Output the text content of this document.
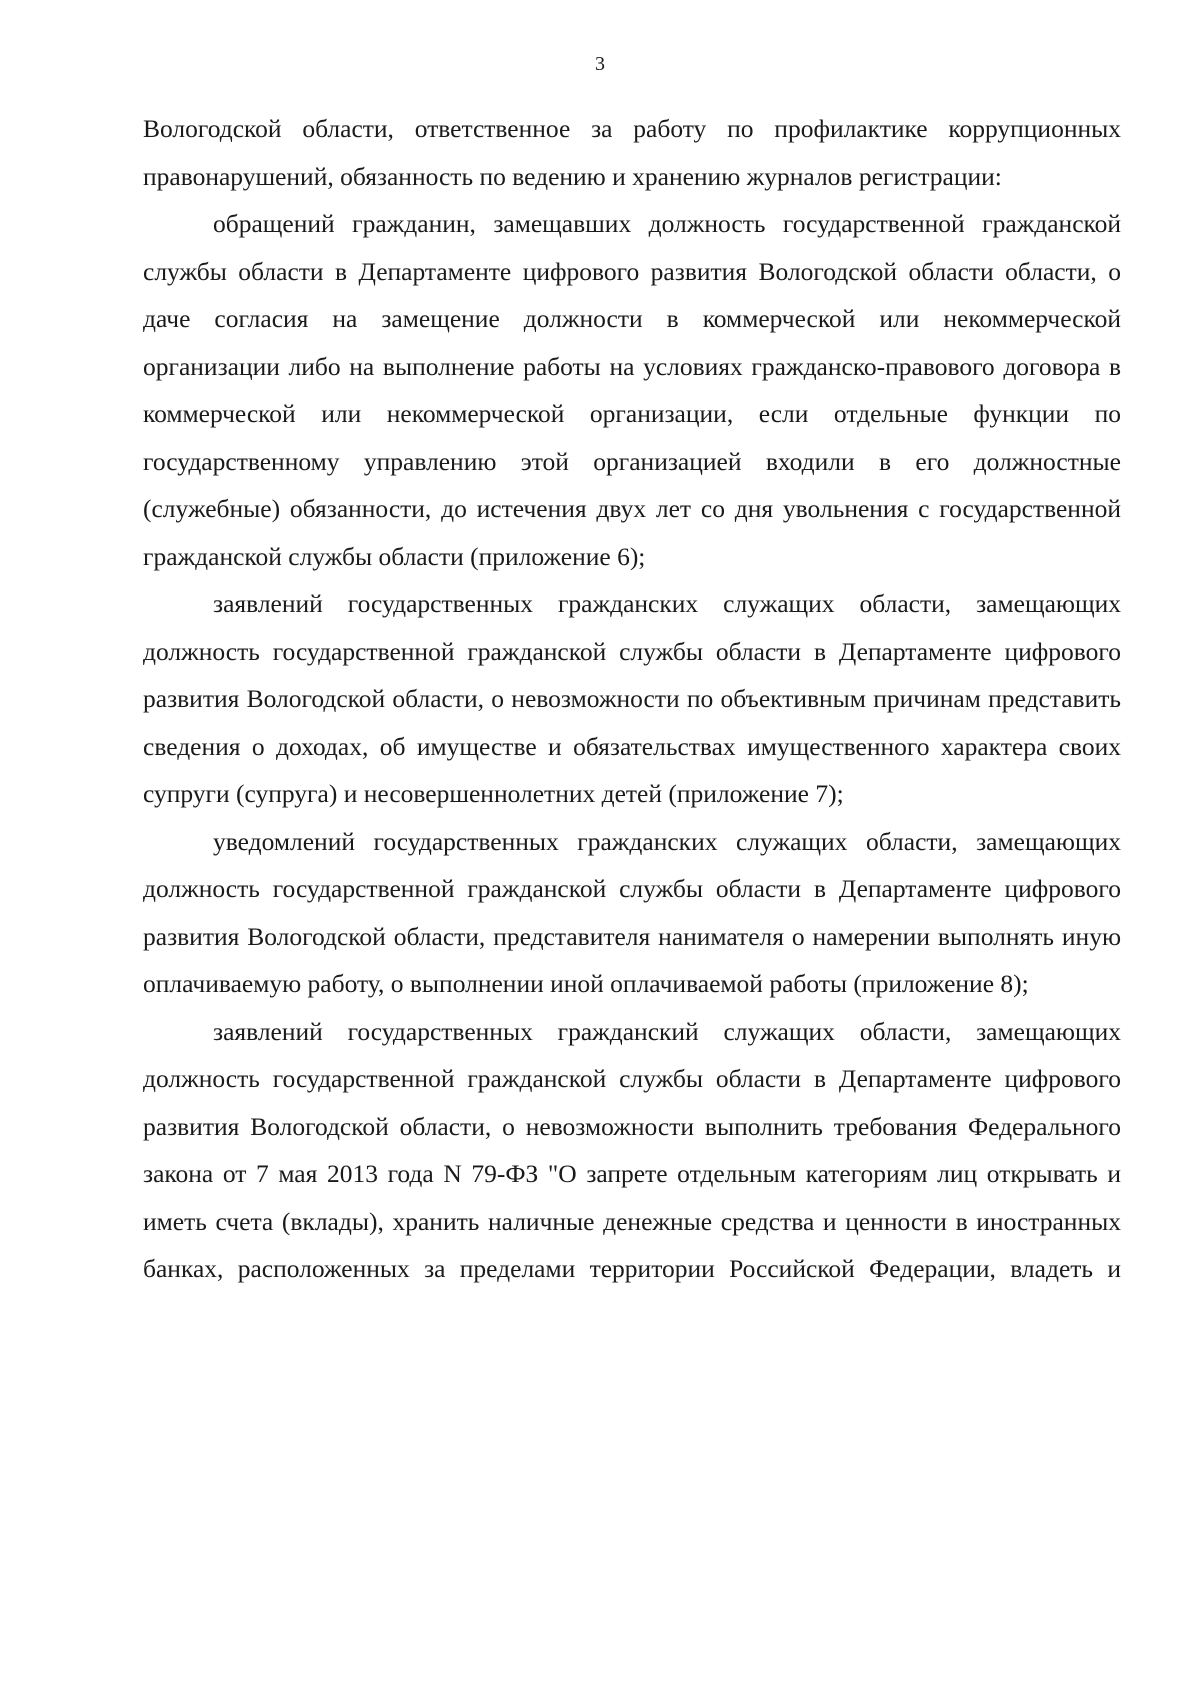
3

Вологодской области, ответственное за работу по профилактике коррупционных правонарушений, обязанность по ведению и хранению журналов регистрации:

обращений гражданин, замещавших должность государственной гражданской службы области в Департаменте цифрового развития Вологодской области области, о даче согласия на замещение должности в коммерческой или некоммерческой организации либо на выполнение работы на условиях гражданско-правового договора в коммерческой или некоммерческой организации, если отдельные функции по государственному управлению этой организацией входили в его должностные (служебные) обязанности, до истечения двух лет со дня увольнения с государственной гражданской службы области (приложение 6);

заявлений государственных гражданских служащих области, замещающих должность государственной гражданской службы области в Департаменте цифрового развития Вологодской области, о невозможности по объективным причинам представить сведения о доходах, об имуществе и обязательствах имущественного характера своих супруги (супруга) и несовершеннолетних детей (приложение 7);

уведомлений государственных гражданских служащих области, замещающих должность государственной гражданской службы области в Департаменте цифрового развития Вологодской области, представителя нанимателя о намерении выполнять иную оплачиваемую работу, о выполнении иной оплачиваемой работы (приложение 8);

заявлений государственных гражданский служащих области, замещающих должность государственной гражданской службы области в Департаменте цифрового развития Вологодской области, о невозможности выполнить требования Федерального закона от 7 мая 2013 года N 79-ФЗ "О запрете отдельным категориям лиц открывать и иметь счета (вклады), хранить наличные денежные средства и ценности в иностранных банках, расположенных за пределами территории Российской Федерации, владеть и
